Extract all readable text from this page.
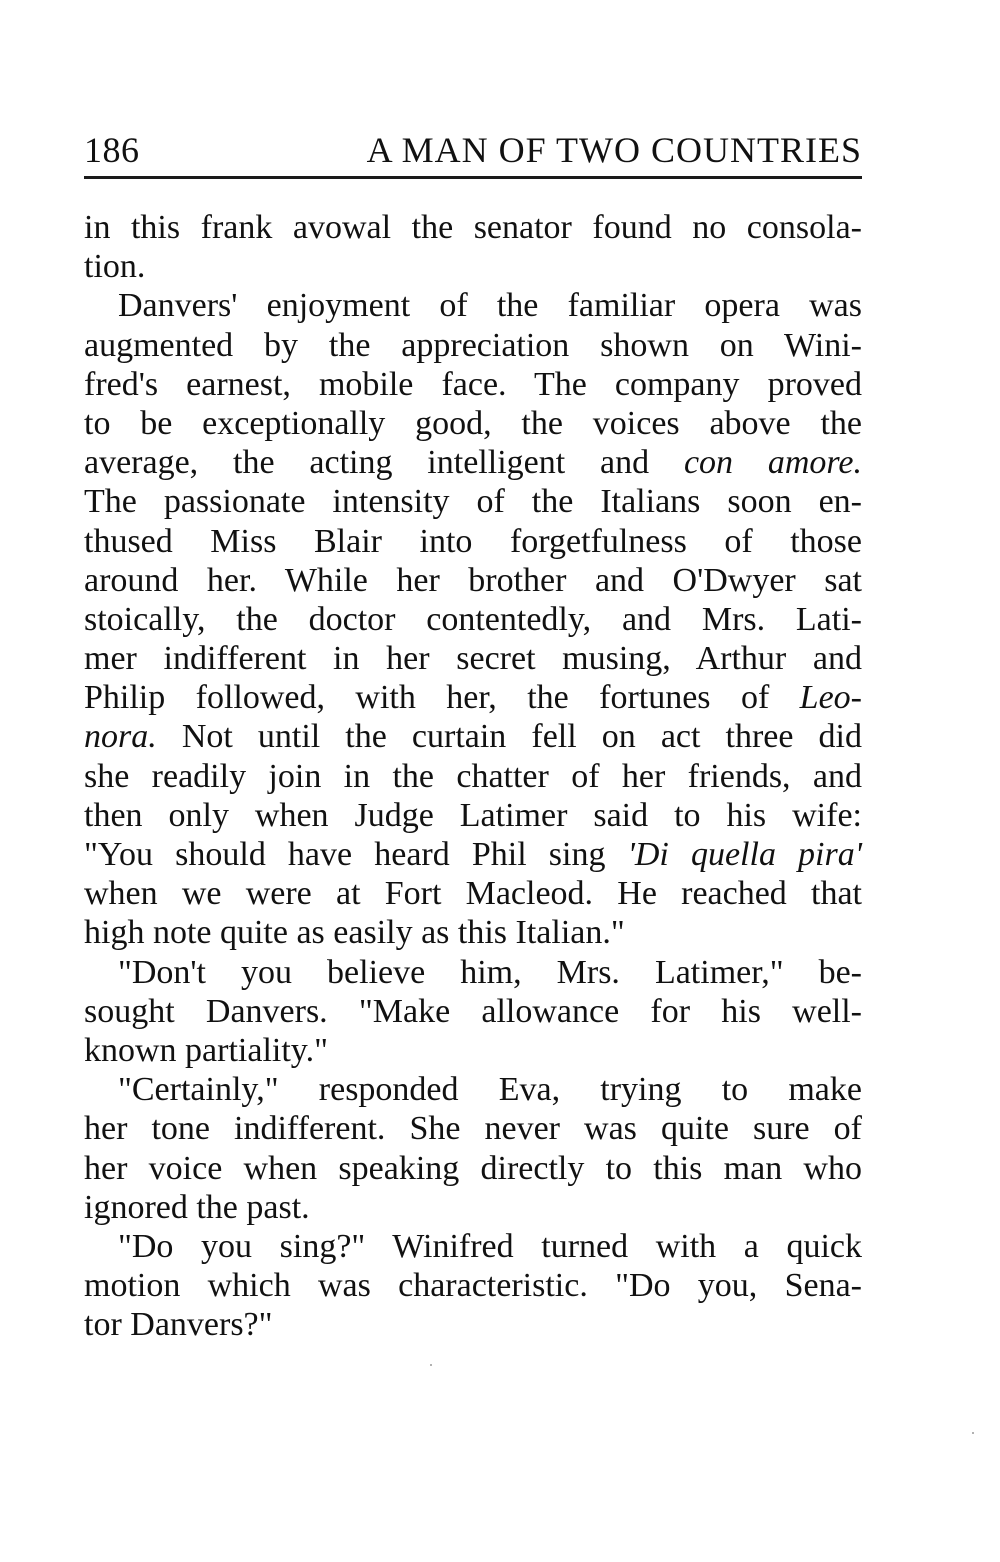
186	A MAN OF TWO COUNTRIES
in this frank avowal the senator found no consola-
tion.
Danvers' enjoyment of the familiar opera was
augmented by the appreciation shown on Wini-
fred's earnest, mobile face. The company proved
to be exceptionally good, the voices above the
average, the acting intelligent and con amore.
The passionate intensity of the Italians soon en-
thused Miss Blair into forgetfulness of those
around her. While her brother and O'Dwyer sat
stoically, the doctor contentedly, and Mrs. Lati-
mer indifferent in her secret musing, Arthur and
Philip followed, with her, the fortunes of Leo-
nora. Not until the curtain fell on act three did
she readily join in the chatter of her friends, and
then only when Judge Latimer said to his wife:
"You should have heard Phil sing 'Di quella pira'
when we were at Fort Macleod. He reached that
high note quite as easily as this Italian."
"Don't you believe him, Mrs. Latimer," be-
sought Danvers. "Make allowance for his well-
known partiality."
"Certainly," responded Eva, trying to make
her tone indifferent. She never was quite sure of
her voice when speaking directly to this man who
ignored the past.
"Do you sing?" Winifred turned with a quick
motion which was characteristic. "Do you, Sena-
tor Danvers?"
